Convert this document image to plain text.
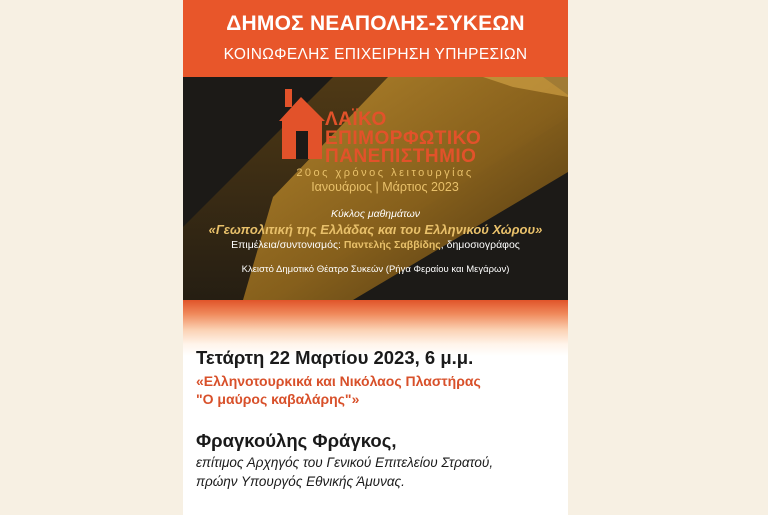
ΔΗΜΟΣ ΝΕΑΠΟΛΗΣ-ΣΥΚΕΩΝ
ΚΟΙΝΩΦΕΛΗΣ ΕΠΙΧΕΙΡΗΣΗ ΥΠΗΡΕΣΙΩΝ
ΛΑΪΚΟ
ΕΠΙΜΟΡΦΩΤΙΚΟ
ΠΑΝΕΠΙΣΤΗΜΙΟ
20ος χρόνος λειτουργίας
Ιανουάριος | Μάρτιος 2023
Κύκλος μαθημάτων
«Γεωπολιτική της Ελλάδας και του Ελληνικού Χώρου»
Επιμέλεια/συντονισμός: Παντελής Σαββίδης, δημοσιογράφος
Κλειστό Δημοτικό Θέατρο Συκεών (Ρήγα Φεραίου και Μεγάρων)
Τετάρτη 22 Μαρτίου 2023, 6 μ.μ.
«Ελληνοτουρκικά και Νικόλαος Πλαστήρας
"Ο μαύρος καβαλάρης"»
Φραγκούλης Φράγκος,
επίτιμος Αρχηγός του Γενικού Επιτελείου Στρατού,
πρώην Υπουργός Εθνικής Άμυνας.
